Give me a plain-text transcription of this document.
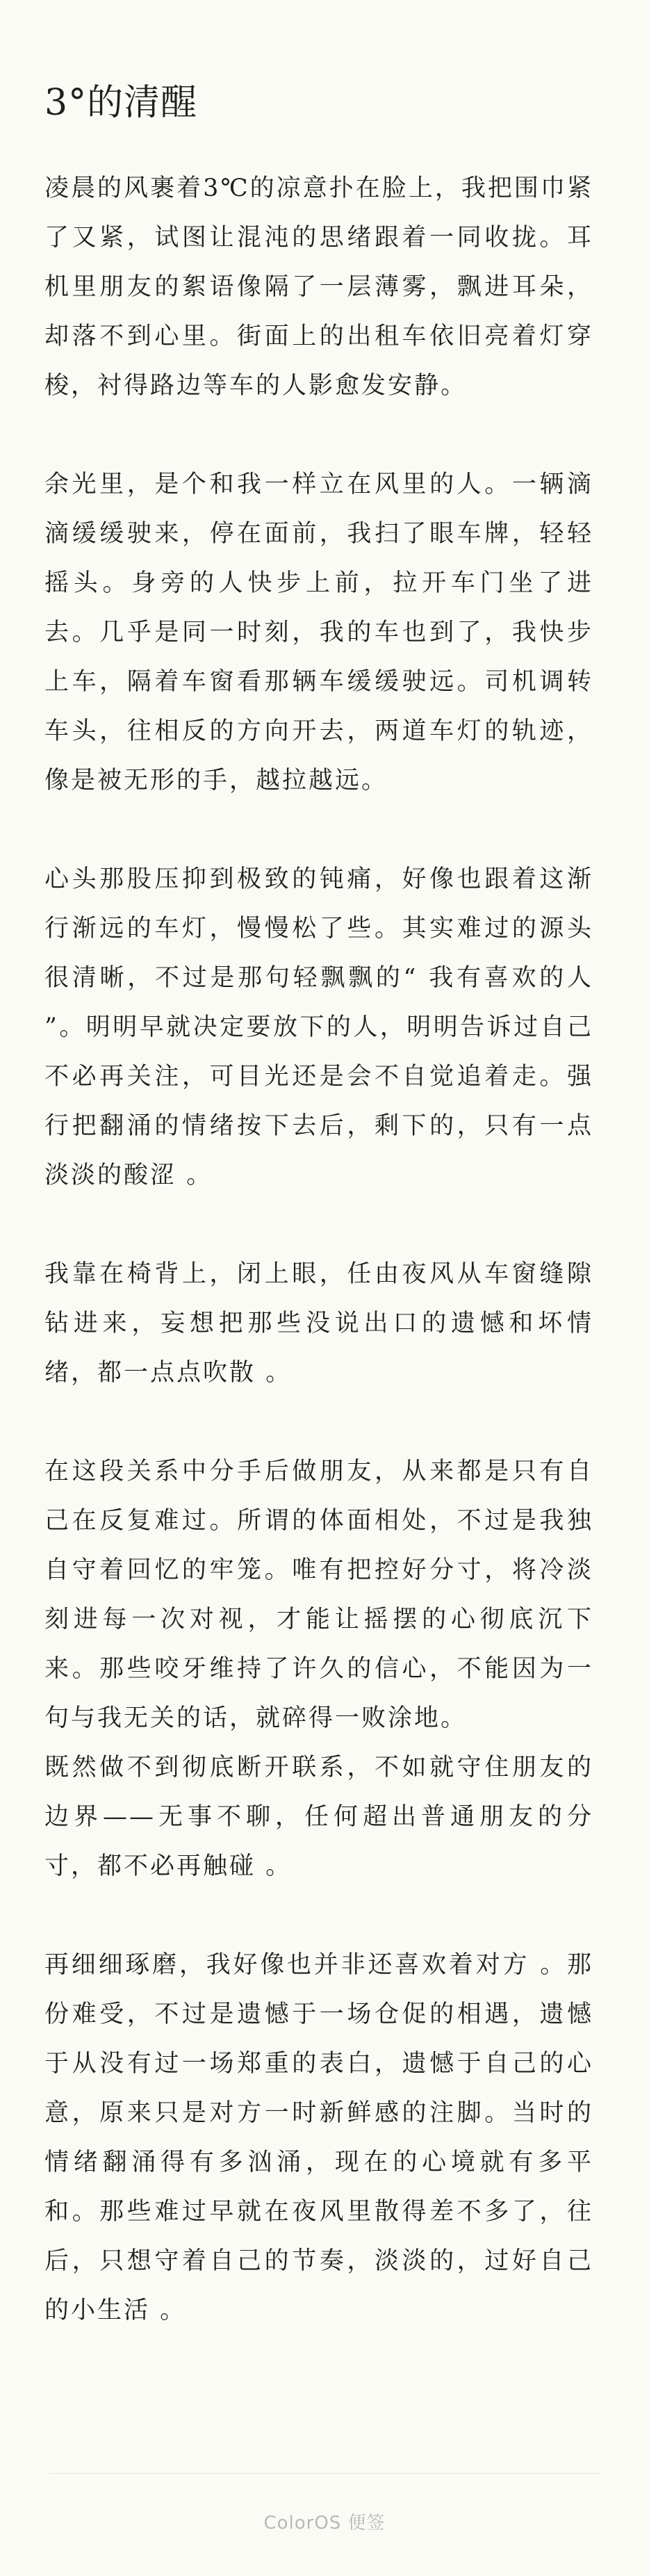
3°的清醒

凌晨的风裹着3℃的凉意扑在脸上，我把围巾紧了又紧，试图让混沌的思绪跟着一同收拢。耳机里朋友的絮语像隔了一层薄雾，飘进耳朵，却落不到心里。街面上的出租车依旧亮着灯穿梭，衬得路边等车的人影愈发安静。

余光里，是个和我一样立在风里的人。一辆滴滴缓缓驶来，停在面前，我扫了眼车牌，轻轻摇头。身旁的人快步上前，拉开车门坐了进去。几乎是同一时刻，我的车也到了，我快步上车，隔着车窗看那辆车缓缓驶远。司机调转车头，往相反的方向开去，两道车灯的轨迹，像是被无形的手，越拉越远。

心头那股压抑到极致的钝痛，好像也跟着这渐行渐远的车灯，慢慢松了些。其实难过的源头很清晰，不过是那句轻飘飘的“ 我有喜欢的人 ”。明明早就决定要放下的人，明明告诉过自己不必再关注，可目光还是会不自觉追着走。强行把翻涌的情绪按下去后，剩下的，只有一点淡淡的酸涩 。

我靠在椅背上，闭上眼，任由夜风从车窗缝隙钻进来，妄想把那些没说出口的遗憾和坏情绪，都一点点吹散 。

在这段关系中分手后做朋友，从来都是只有自己在反复难过。所谓的体面相处，不过是我独自守着回忆的牢笼。唯有把控好分寸，将冷淡刻进每一次对视，才能让摇摆的心彻底沉下来。那些咬牙维持了许久的信心，不能因为一句与我无关的话，就碎得一败涂地。

既然做不到彻底断开联系，不如就守住朋友的边界——无事不聊，任何超出普通朋友的分寸，都不必再触碰 。

再细细琢磨，我好像也并非还喜欢着对方 。那份难受，不过是遗憾于一场仓促的相遇，遗憾于从没有过一场郑重的表白，遗憾于自己的心意，原来只是对方一时新鲜感的注脚。当时的情绪翻涌得有多汹涌，现在的心境就有多平和。那些难过早就在夜风里散得差不多了，往后，只想守着自己的节奏，淡淡的，过好自己的小生活 。

ColorOS 便签
